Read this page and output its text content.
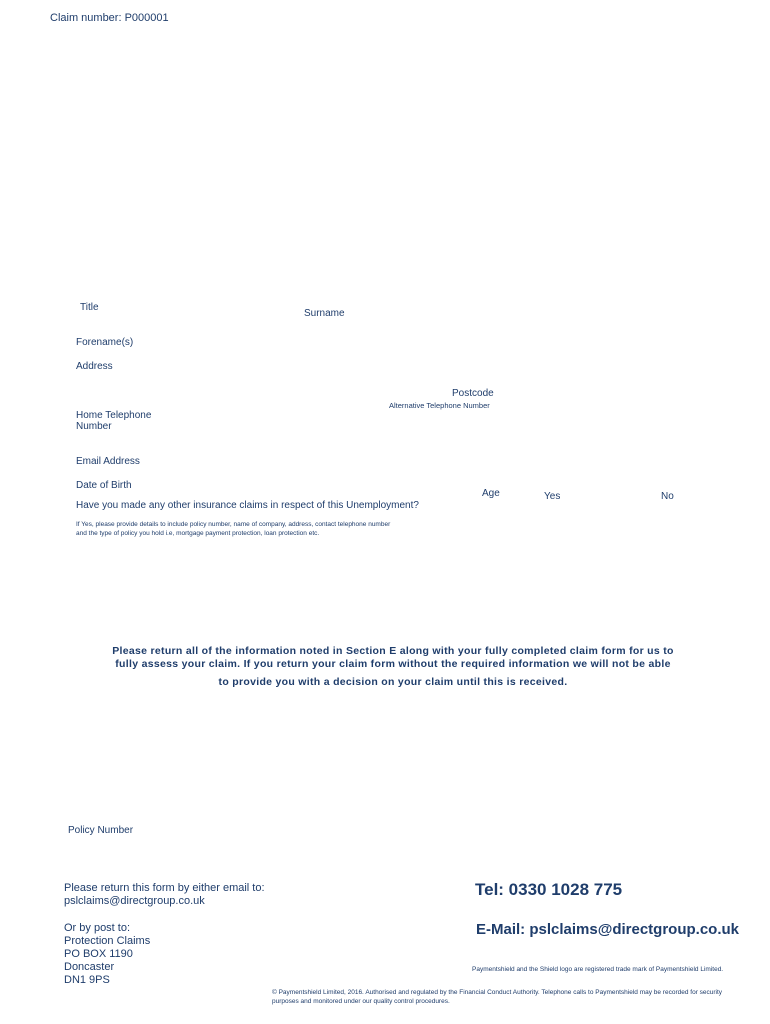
Claim number: P000001
Title
Surname
Forename(s)
Address
Postcode
Alternative Telephone Number
Home Telephone
Number
Email Address
Date of Birth
Age
Have you made any other insurance claims in respect of this Unemployment?
Yes	No
If Yes, please provide details to include policy number, name of company, address, contact telephone number
and the type of policy you hold i.e, mortgage payment protection, loan protection etc.
Please return all of the information noted in Section E along with your fully completed claim form for us to
fully assess your claim. If you return your claim form without the required information we will not be able
to provide you with a decision on your claim until this is received.
Policy Number
Please return this form by either email to:
pslclaims@directgroup.co.uk
Or by post to:
Protection Claims
PO BOX 1190
Doncaster
DN1 9PS
Tel: 0330 1028 775
E-Mail: pslclaims@directgroup.co.uk
Paymentshield and the Shield logo are registered trade mark of Paymentshield Limited.
© Paymentshield Limited, 2016. Authorised and regulated by the Financial Conduct Authority. Telephone calls to Paymentshield may be recorded for security purposes and monitored under our quality control procedures.
